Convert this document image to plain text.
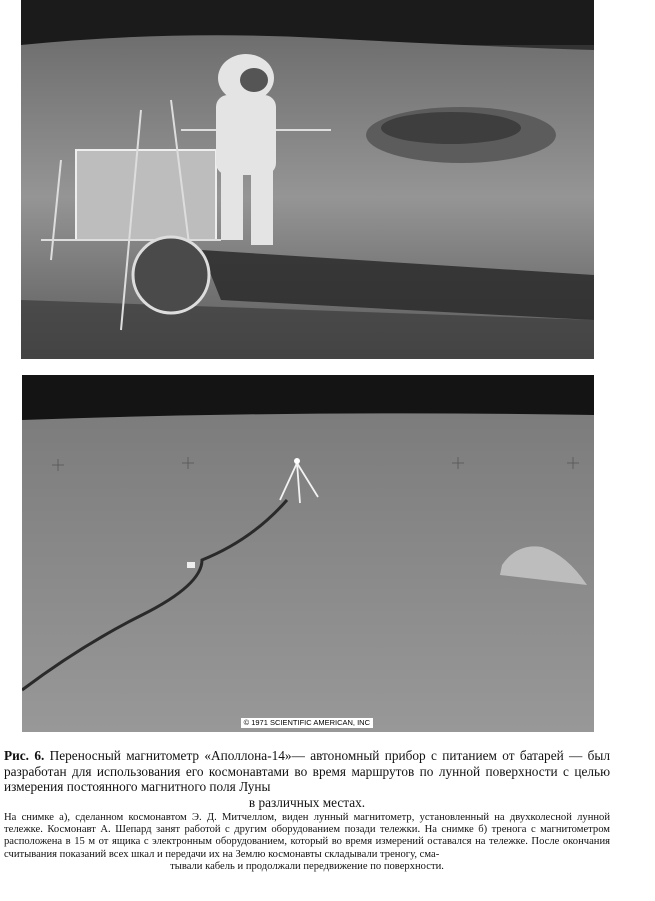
© 1971 SCIENTIFIC AMERICAN, INC

Рис. 6. Переносный магнитометр «Аполлона-14»— автономный прибор с питанием от батарей — был разработан для использования его космонавтами во время маршрутов по лунной поверхности с целью измерения постоянного магнитного поля Луны
в различных местах.

На снимке а), сделанном космонавтом Э. Д. Митчеллом, виден лунный магнитометр, установленный на двухколесной лунной тележке. Космонавт А. Шепард занят работой с другим оборудованием позади тележки. На снимке б) тренога с магнитометром расположена в 15 м от ящика с электронным оборудованием, который во время измерений оставался на тележке. После окончания считывания показаний всех шкал и передачи их на Землю космонавты складывали треногу, сма-
тывали кабель и продолжали передвижение по поверхности.
